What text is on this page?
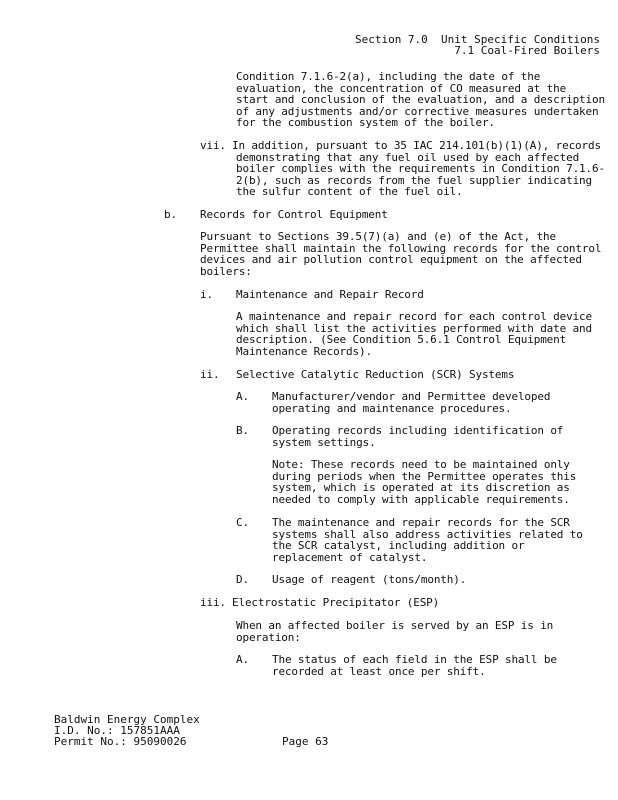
Section 7.0  Unit Specific Conditions
7.1 Coal-Fired Boilers
Condition 7.1.6-2(a), including the date of the
evaluation, the concentration of CO measured at the
start and conclusion of the evaluation, and a description
of any adjustments and/or corrective measures undertaken
for the combustion system of the boiler.
vii. In addition, pursuant to 35 IAC 214.101(b)(1)(A), records
demonstrating that any fuel oil used by each affected
boiler complies with the requirements in Condition 7.1.6-
2(b), such as records from the fuel supplier indicating
the sulfur content of the fuel oil.
b. Records for Control Equipment
Pursuant to Sections 39.5(7)(a) and (e) of the Act, the
Permittee shall maintain the following records for the control
devices and air pollution control equipment on the affected
boilers:
i. Maintenance and Repair Record
A maintenance and repair record for each control device
which shall list the activities performed with date and
description. (See Condition 5.6.1 Control Equipment
Maintenance Records).
ii. Selective Catalytic Reduction (SCR) Systems
A. Manufacturer/vendor and Permittee developed
operating and maintenance procedures.
B. Operating records including identification of
system settings.
Note: These records need to be maintained only
during periods when the Permittee operates this
system, which is operated at its discretion as
needed to comply with applicable requirements.
C. The maintenance and repair records for the SCR
systems shall also address activities related to
the SCR catalyst, including addition or
replacement of catalyst.
D. Usage of reagent (tons/month).
iii. Electrostatic Precipitator (ESP)
When an affected boiler is served by an ESP is in
operation:
A. The status of each field in the ESP shall be
recorded at least once per shift.
Baldwin Energy Complex
I.D. No.: 157851AAA
Permit No.: 95090026	Page 63
